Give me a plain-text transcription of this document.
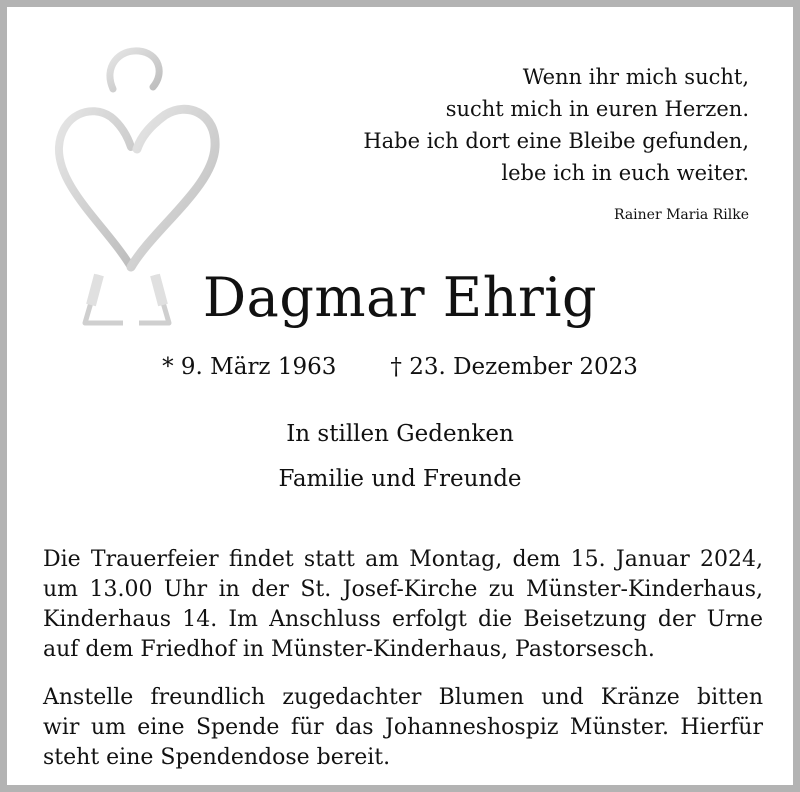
Wenn ihr mich sucht,
sucht mich in euren Herzen.
Habe ich dort eine Bleibe gefunden,
lebe ich in euch weiter.
Rainer Maria Rilke
Dagmar Ehrig
* 9. März 1963 † 23. Dezember 2023
In stillen Gedenken
Familie und Freunde
Die Trauerfeier findet statt am Montag, dem 15. Januar 2024,
um 13.00 Uhr in der St. Josef-Kirche zu Münster-Kinderhaus,
Kinderhaus 14. Im Anschluss erfolgt die Beisetzung der Urne
auf dem Friedhof in Münster-Kinderhaus, Pastorsesch.
Anstelle freundlich zugedachter Blumen und Kränze bitten
wir um eine Spende für das Johanneshospiz Münster. Hierfür
steht eine Spendendose bereit.
